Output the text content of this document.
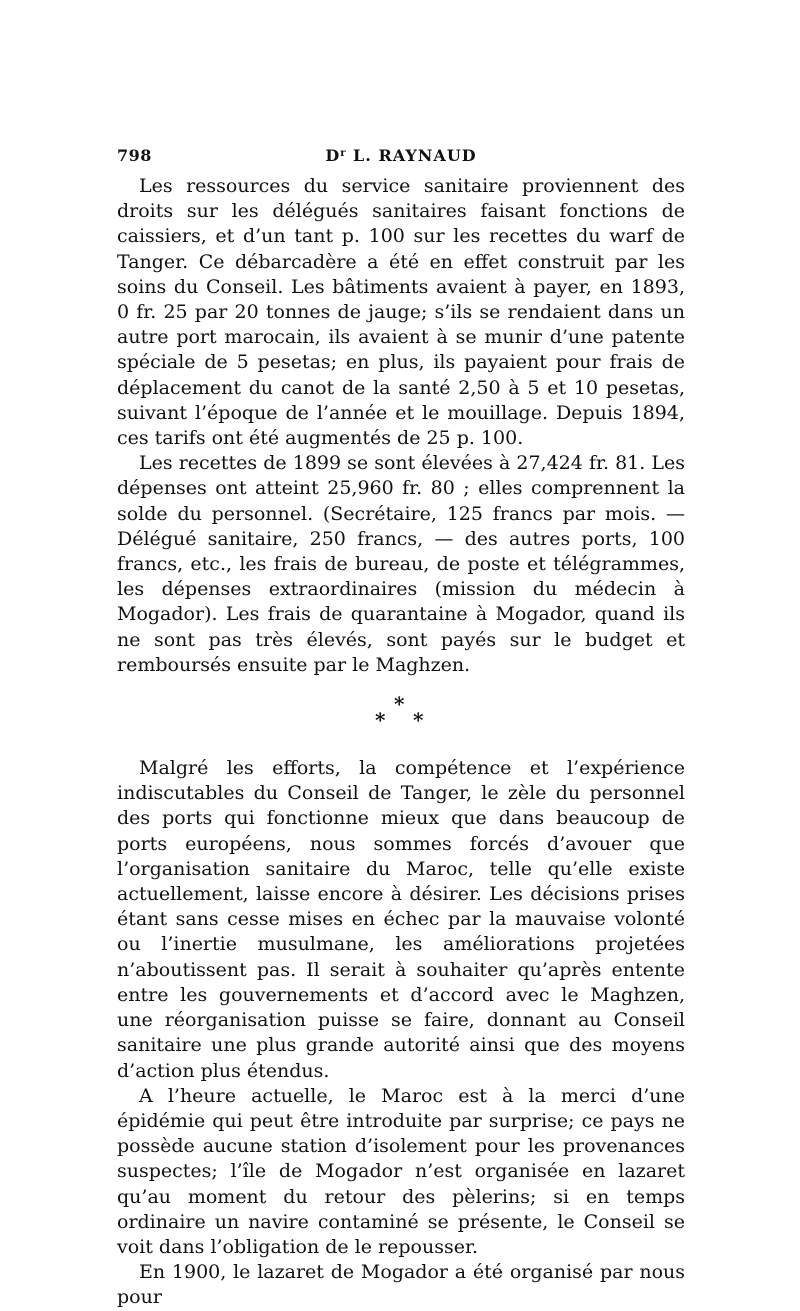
798	$D^r$ L. RAYNAUD

Les ressources du service sanitaire proviennent des droits sur les délégués sanitaires faisant fonctions de caissiers, et d’un tant p. 100 sur les recettes du warf de Tanger. Ce débarcadère a été en effet construit par les soins du Conseil. Les bâtiments avaient à payer, en 1893, 0 fr. 25 par 20 tonnes de jauge; s’ils se rendaient dans un autre port marocain, ils avaient à se munir d’une patente spéciale de 5 pesetas; en plus, ils payaient pour frais de déplacement du canot de la santé 2,50 à 5 et 10 pesetas, suivant l’époque de l’année et le mouillage. Depuis 1894, ces tarifs ont été augmentés de 25 p. 100.

Les recettes de 1899 se sont élevées à 27,424 fr. 81. Les dépenses ont atteint 25,960 fr. 80 ; elles comprennent la solde du personnel. (Secrétaire, 125 francs par mois. — Délégué sanitaire, 250 francs, — des autres ports, 100 francs, etc., les frais de bureau, de poste et télégrammes, les dépenses extraordinaires (mission du médecin à Mogador). Les frais de quarantaine à Mogador, quand ils ne sont pas très élevés, sont payés sur le budget et remboursés ensuite par le Maghzen.

*
* *

Malgré les efforts, la compétence et l’expérience indiscutables du Conseil de Tanger, le zèle du personnel des ports qui fonctionne mieux que dans beaucoup de ports européens, nous sommes forcés d’avouer que l’organisation sanitaire du Maroc, telle qu’elle existe actuellement, laisse encore à désirer. Les décisions prises étant sans cesse mises en échec par la mauvaise volonté ou l’inertie musulmane, les améliorations projetées n’aboutissent pas. Il serait à souhaiter qu’après entente entre les gouvernements et d’accord avec le Maghzen, une réorganisation puisse se faire, donnant au Conseil sanitaire une plus grande autorité ainsi que des moyens d’action plus étendus.

A l’heure actuelle, le Maroc est à la merci d’une épidémie qui peut être introduite par surprise; ce pays ne possède aucune station d’isolement pour les provenances suspectes; l’île de Mogador n’est organisée en lazaret qu’au moment du retour des pèlerins; si en temps ordinaire un navire contaminé se présente, le Conseil se voit dans l’obligation de le repousser.

En 1900, le lazaret de Mogador a été organisé par nous pour
